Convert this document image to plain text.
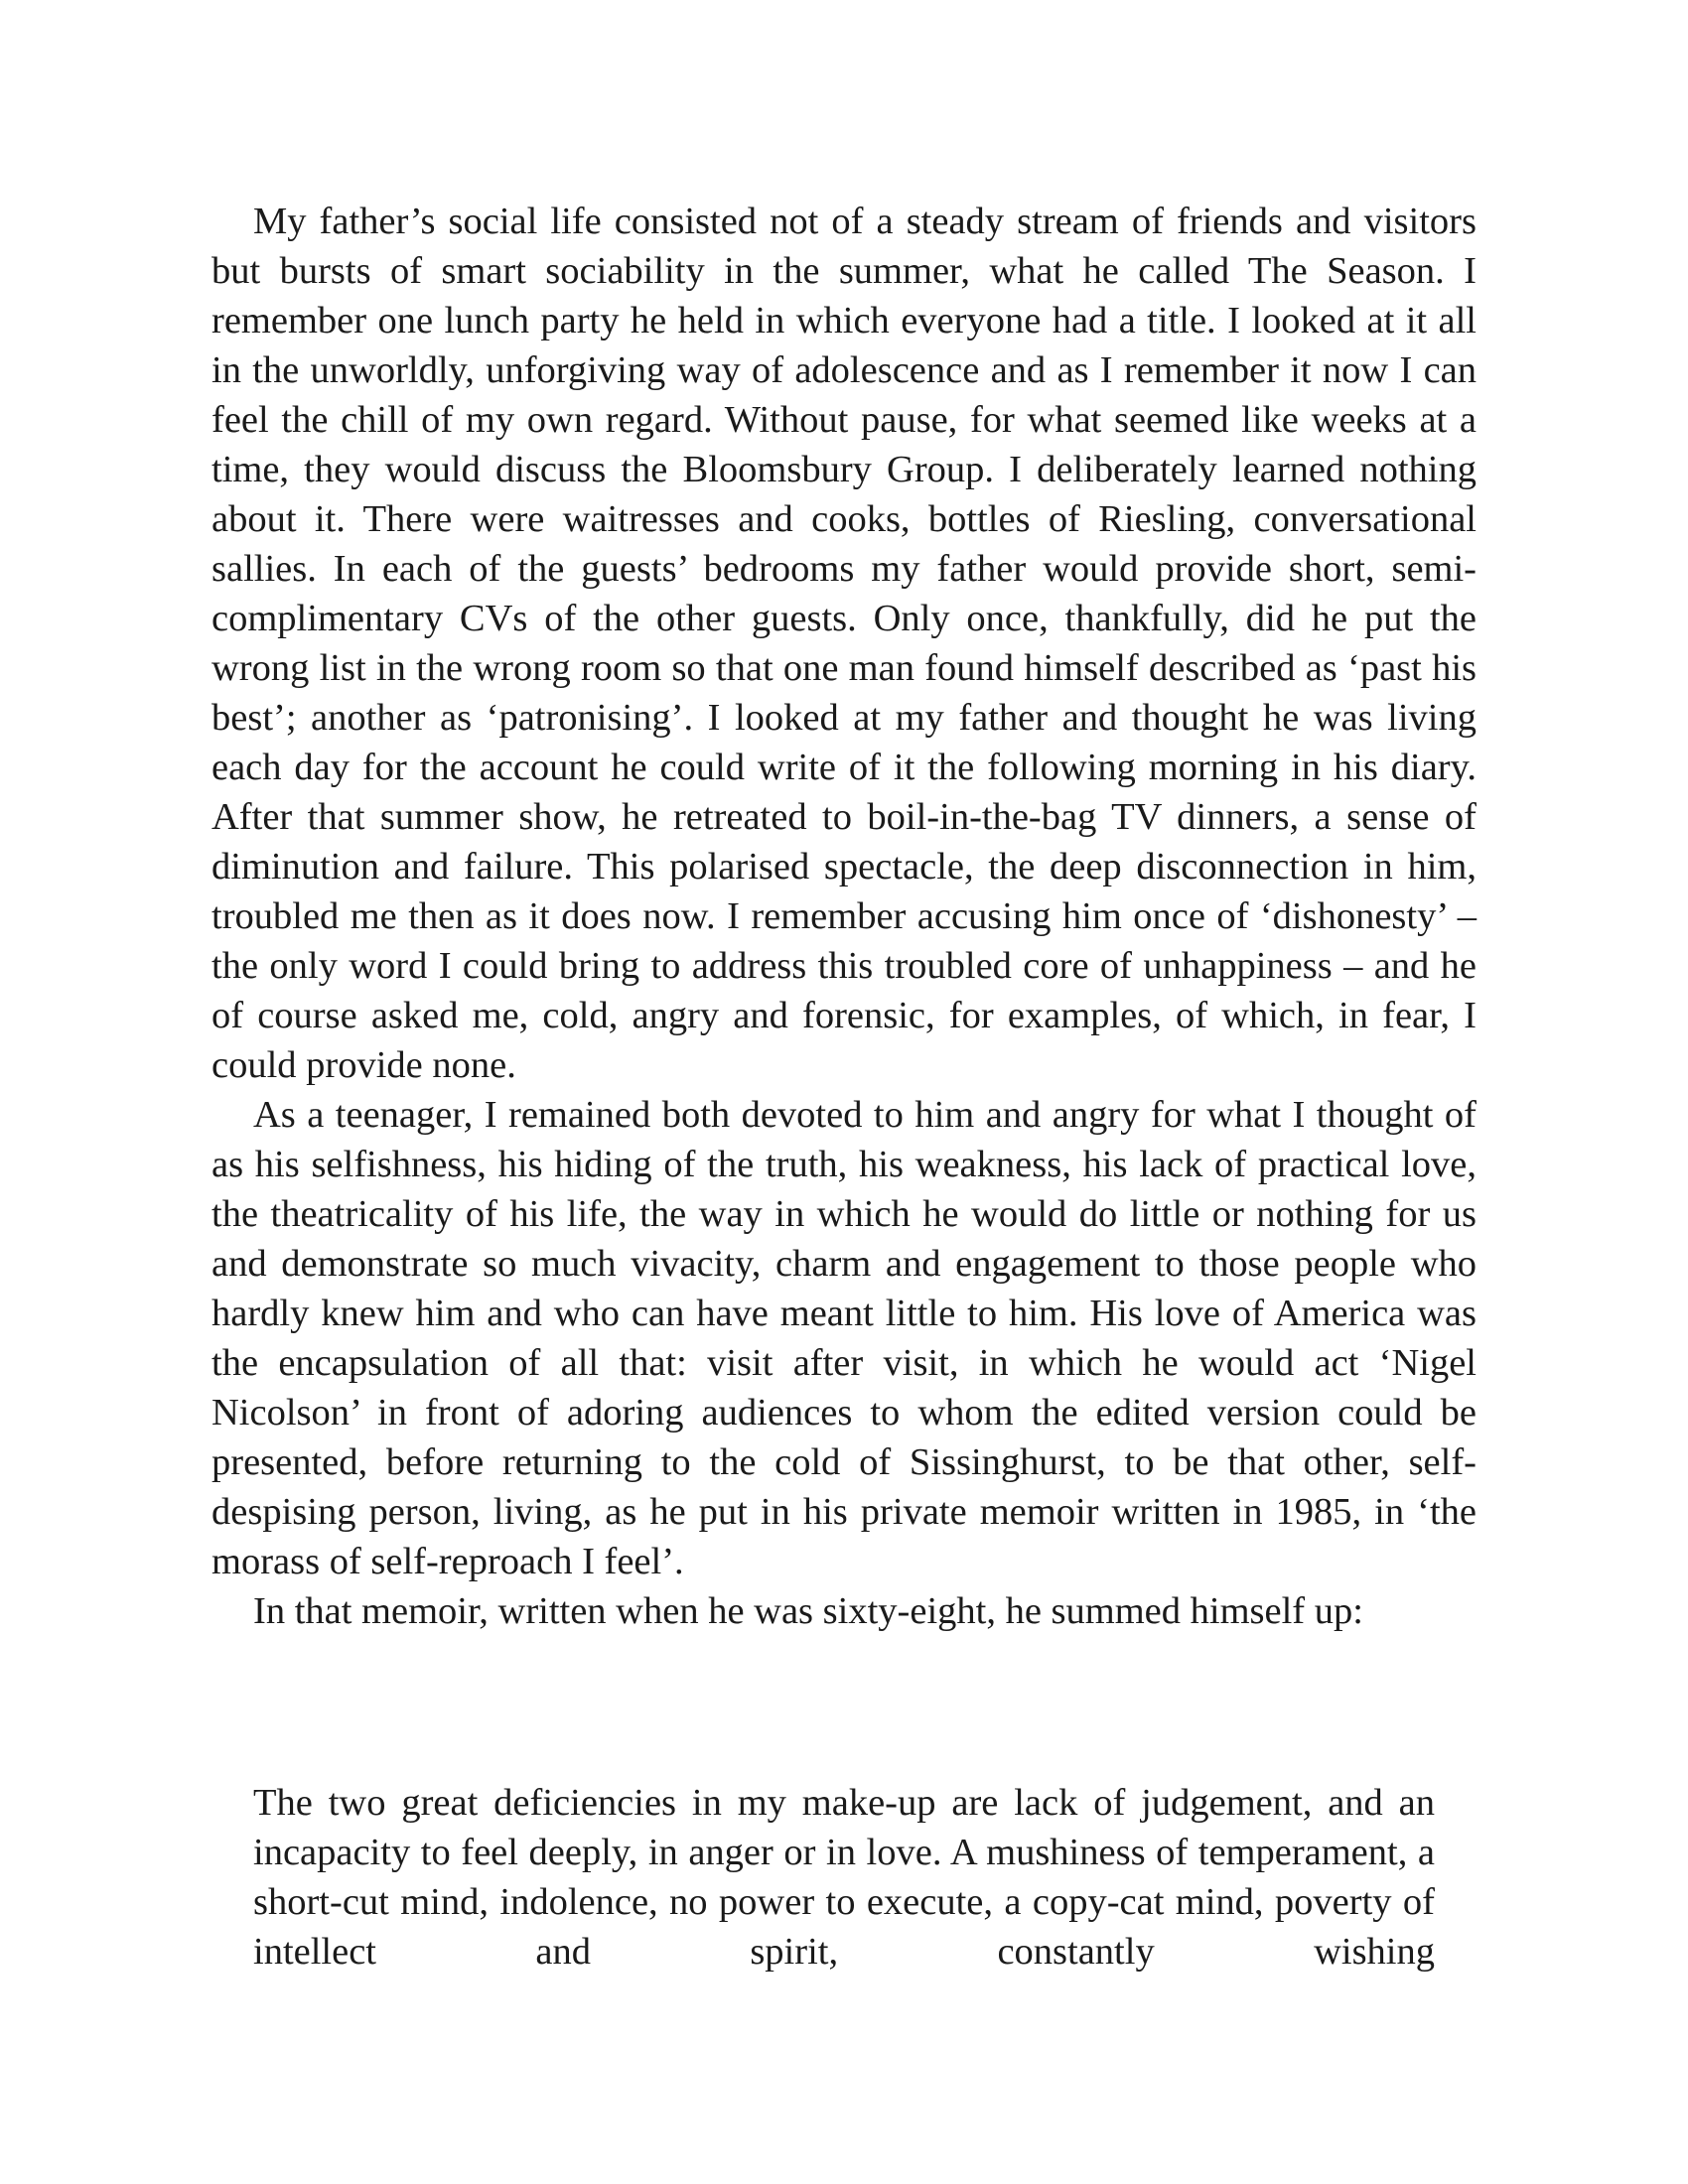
My father’s social life consisted not of a steady stream of friends and visitors but bursts of smart sociability in the summer, what he called The Season. I remember one lunch party he held in which everyone had a title. I looked at it all in the unworldly, unforgiving way of adolescence and as I remember it now I can feel the chill of my own regard. Without pause, for what seemed like weeks at a time, they would discuss the Bloomsbury Group. I deliberately learned nothing about it. There were waitresses and cooks, bottles of Riesling, conversational sallies. In each of the guests’ bedrooms my father would provide short, semi-complimentary CVs of the other guests. Only once, thankfully, did he put the wrong list in the wrong room so that one man found himself described as ‘past his best’; another as ‘patronising’. I looked at my father and thought he was living each day for the account he could write of it the following morning in his diary. After that summer show, he retreated to boil-in-the-bag TV dinners, a sense of diminution and failure. This polarised spectacle, the deep disconnection in him, troubled me then as it does now. I remember accusing him once of ‘dishonesty’ – the only word I could bring to address this troubled core of unhappiness – and he of course asked me, cold, angry and forensic, for examples, of which, in fear, I could provide none.

As a teenager, I remained both devoted to him and angry for what I thought of as his selfishness, his hiding of the truth, his weakness, his lack of practical love, the theatricality of his life, the way in which he would do little or nothing for us and demonstrate so much vivacity, charm and engagement to those people who hardly knew him and who can have meant little to him. His love of America was the encapsulation of all that: visit after visit, in which he would act ‘Nigel Nicolson’ in front of adoring audiences to whom the edited version could be presented, before returning to the cold of Sissinghurst, to be that other, self-despising person, living, as he put in his private memoir written in 1985, in ‘the morass of self-reproach I feel’.

In that memoir, written when he was sixty-eight, he summed himself up:

The two great deficiencies in my make-up are lack of judgement, and an incapacity to feel deeply, in anger or in love. A mushiness of temperament, a short-cut mind, indolence, no power to execute, a copy-cat mind, poverty of intellect and spirit, constantly wishing
